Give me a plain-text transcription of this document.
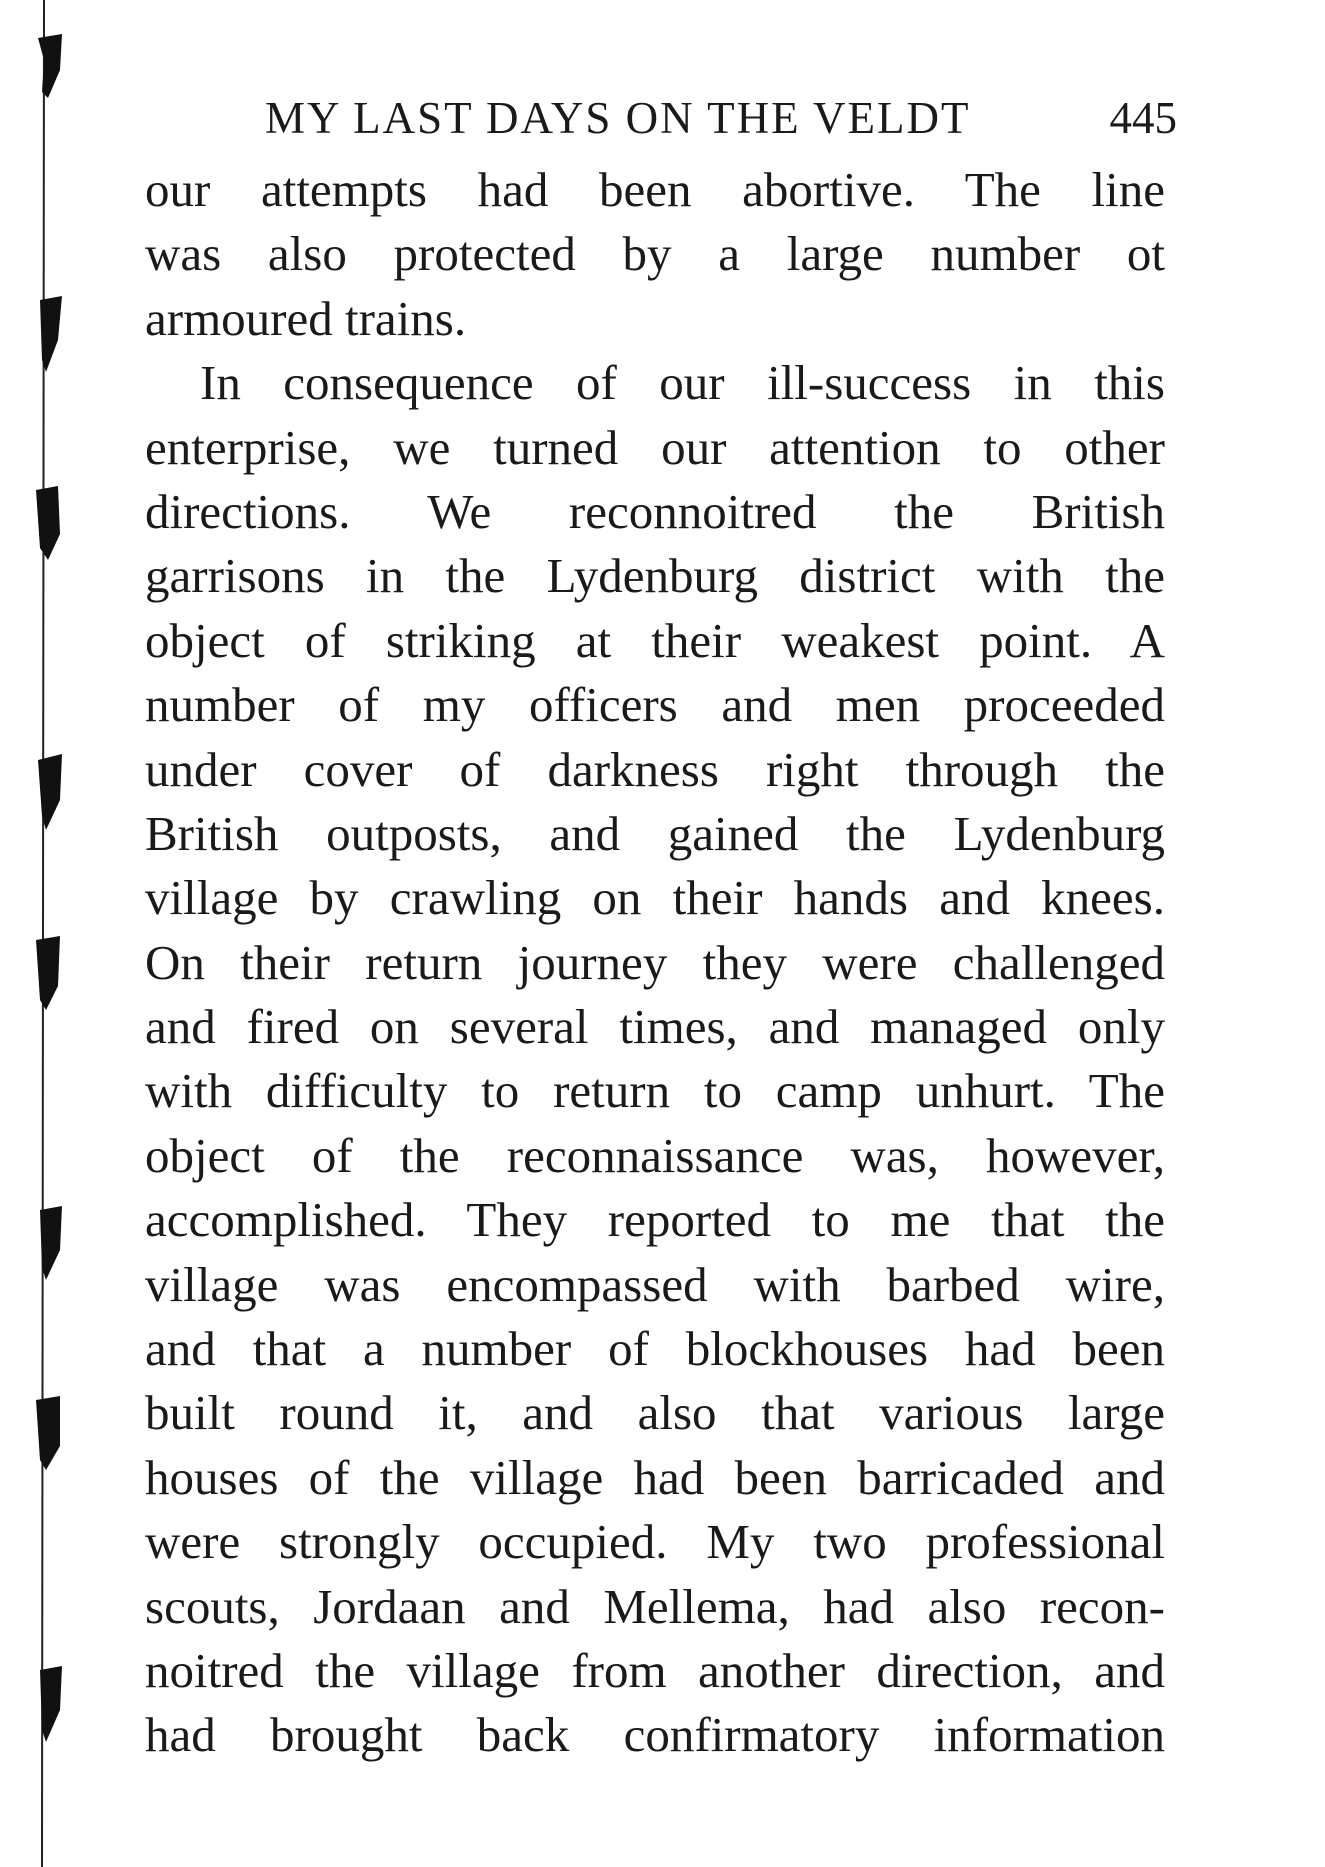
MY LAST DAYS ON THE VELDT	445
our attempts had been abortive. The line
was also protected by a large number ot
armoured trains.
In consequence of our ill-success in this
enterprise, we turned our attention to other
directions. We reconnoitred the British
garrisons in the Lydenburg district with the
object of striking at their weakest point. A
number of my officers and men proceeded
under cover of darkness right through the
British outposts, and gained the Lydenburg
village by crawling on their hands and knees.
On their return journey they were challenged
and fired on several times, and managed only
with difficulty to return to camp unhurt. The
object of the reconnaissance was, however,
accomplished. They reported to me that the
village was encompassed with barbed wire,
and that a number of blockhouses had been
built round it, and also that various large
houses of the village had been barricaded and
were strongly occupied. My two professional
scouts, Jordaan and Mellema, had also recon-
noitred the village from another direction, and
had brought back confirmatory information
